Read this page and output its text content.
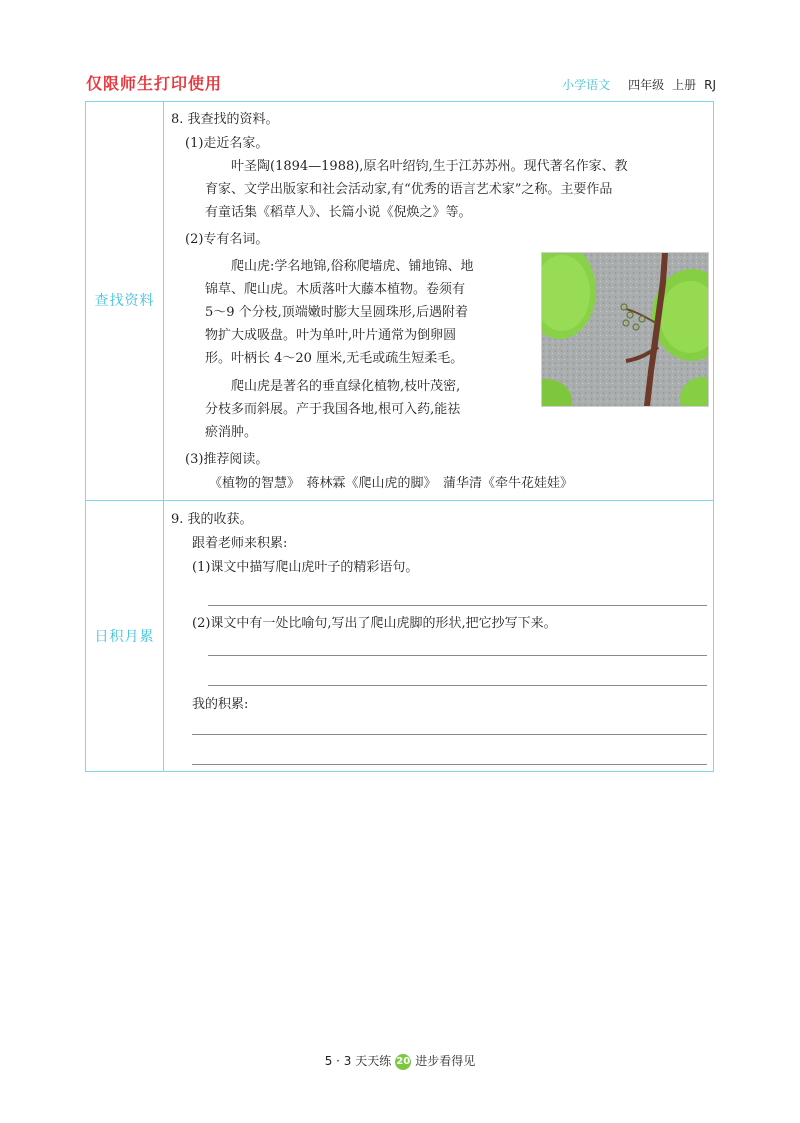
仅限师生打印使用	小学语文 四年级 上册 RJ
查找资料
日积月累
8. 我查找的资料。
(1)走近名家。
叶圣陶(1894—1988),原名叶绍钧,生于江苏苏州。现代著名作家、教
育家、文学出版家和社会活动家,有“优秀的语言艺术家”之称。主要作品
有童话集《稻草人》、长篇小说《倪焕之》等。
(2)专有名词。
爬山虎:学名地锦,俗称爬墙虎、铺地锦、地
锦草、爬山虎。木质落叶大藤本植物。卷须有
5～9 个分枝,顶端嫩时膨大呈圆珠形,后遇附着
物扩大成吸盘。叶为单叶,叶片通常为倒卵圆
形。叶柄长 4～20 厘米,无毛或疏生短柔毛。
爬山虎是著名的垂直绿化植物,枝叶茂密,
分枝多而斜展。产于我国各地,根可入药,能祛
瘀消肿。
(3)推荐阅读。
《植物的智慧》　蒋林霖《爬山虎的脚》　蒲华清《牵牛花娃娃》
9. 我的收获。
跟着老师来积累:
(1)课文中描写爬山虎叶子的精彩语句。
(2)课文中有一处比喻句,写出了爬山虎脚的形状,把它抄写下来。
我的积累:
5 · 3 天天练 20 进步看得见
